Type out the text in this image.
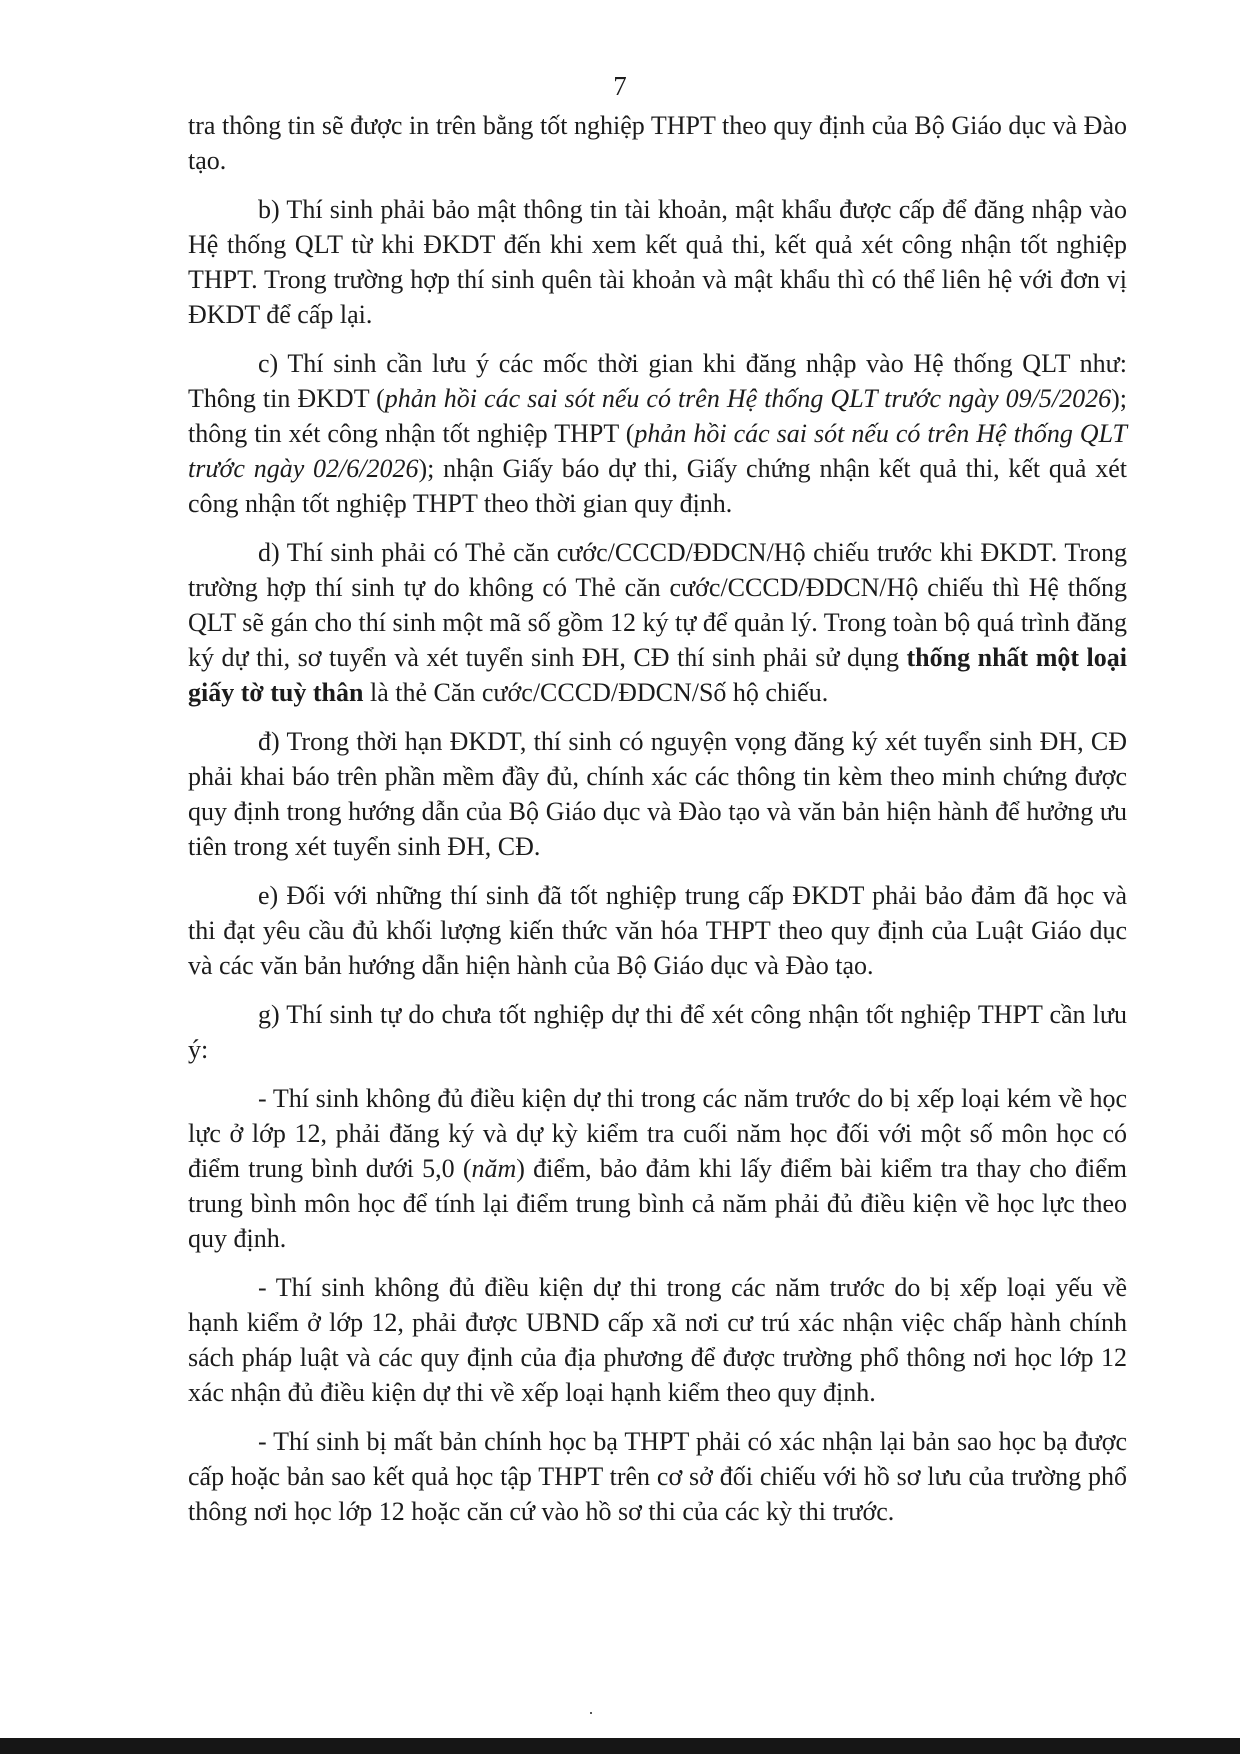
7

tra thông tin sẽ được in trên bằng tốt nghiệp THPT theo quy định của Bộ Giáo dục và Đào tạo.

b) Thí sinh phải bảo mật thông tin tài khoản, mật khẩu được cấp để đăng nhập vào Hệ thống QLT từ khi ĐKDT đến khi xem kết quả thi, kết quả xét công nhận tốt nghiệp THPT. Trong trường hợp thí sinh quên tài khoản và mật khẩu thì có thể liên hệ với đơn vị ĐKDT để cấp lại.

c) Thí sinh cần lưu ý các mốc thời gian khi đăng nhập vào Hệ thống QLT như: Thông tin ĐKDT (phản hồi các sai sót nếu có trên Hệ thống QLT trước ngày 09/5/2026); thông tin xét công nhận tốt nghiệp THPT (phản hồi các sai sót nếu có trên Hệ thống QLT trước ngày 02/6/2026); nhận Giấy báo dự thi, Giấy chứng nhận kết quả thi, kết quả xét công nhận tốt nghiệp THPT theo thời gian quy định.

d) Thí sinh phải có Thẻ căn cước/CCCD/ĐDCN/Hộ chiếu trước khi ĐKDT. Trong trường hợp thí sinh tự do không có Thẻ căn cước/CCCD/ĐDCN/Hộ chiếu thì Hệ thống QLT sẽ gán cho thí sinh một mã số gồm 12 ký tự để quản lý. Trong toàn bộ quá trình đăng ký dự thi, sơ tuyển và xét tuyển sinh ĐH, CĐ thí sinh phải sử dụng thống nhất một loại giấy tờ tuỳ thân là thẻ Căn cước/CCCD/ĐDCN/Số hộ chiếu.

đ) Trong thời hạn ĐKDT, thí sinh có nguyện vọng đăng ký xét tuyển sinh ĐH, CĐ phải khai báo trên phần mềm đầy đủ, chính xác các thông tin kèm theo minh chứng được quy định trong hướng dẫn của Bộ Giáo dục và Đào tạo và văn bản hiện hành để hưởng ưu tiên trong xét tuyển sinh ĐH, CĐ.

e) Đối với những thí sinh đã tốt nghiệp trung cấp ĐKDT phải bảo đảm đã học và thi đạt yêu cầu đủ khối lượng kiến thức văn hóa THPT theo quy định của Luật Giáo dục và các văn bản hướng dẫn hiện hành của Bộ Giáo dục và Đào tạo.

g) Thí sinh tự do chưa tốt nghiệp dự thi để xét công nhận tốt nghiệp THPT cần lưu ý:

- Thí sinh không đủ điều kiện dự thi trong các năm trước do bị xếp loại kém về học lực ở lớp 12, phải đăng ký và dự kỳ kiểm tra cuối năm học đối với một số môn học có điểm trung bình dưới 5,0 (năm) điểm, bảo đảm khi lấy điểm bài kiểm tra thay cho điểm trung bình môn học để tính lại điểm trung bình cả năm phải đủ điều kiện về học lực theo quy định.

- Thí sinh không đủ điều kiện dự thi trong các năm trước do bị xếp loại yếu về hạnh kiểm ở lớp 12, phải được UBND cấp xã nơi cư trú xác nhận việc chấp hành chính sách pháp luật và các quy định của địa phương để được trường phổ thông nơi học lớp 12 xác nhận đủ điều kiện dự thi về xếp loại hạnh kiểm theo quy định.

- Thí sinh bị mất bản chính học bạ THPT phải có xác nhận lại bản sao học bạ được cấp hoặc bản sao kết quả học tập THPT trên cơ sở đối chiếu với hồ sơ lưu của trường phổ thông nơi học lớp 12 hoặc căn cứ vào hồ sơ thi của các kỳ thi trước.
